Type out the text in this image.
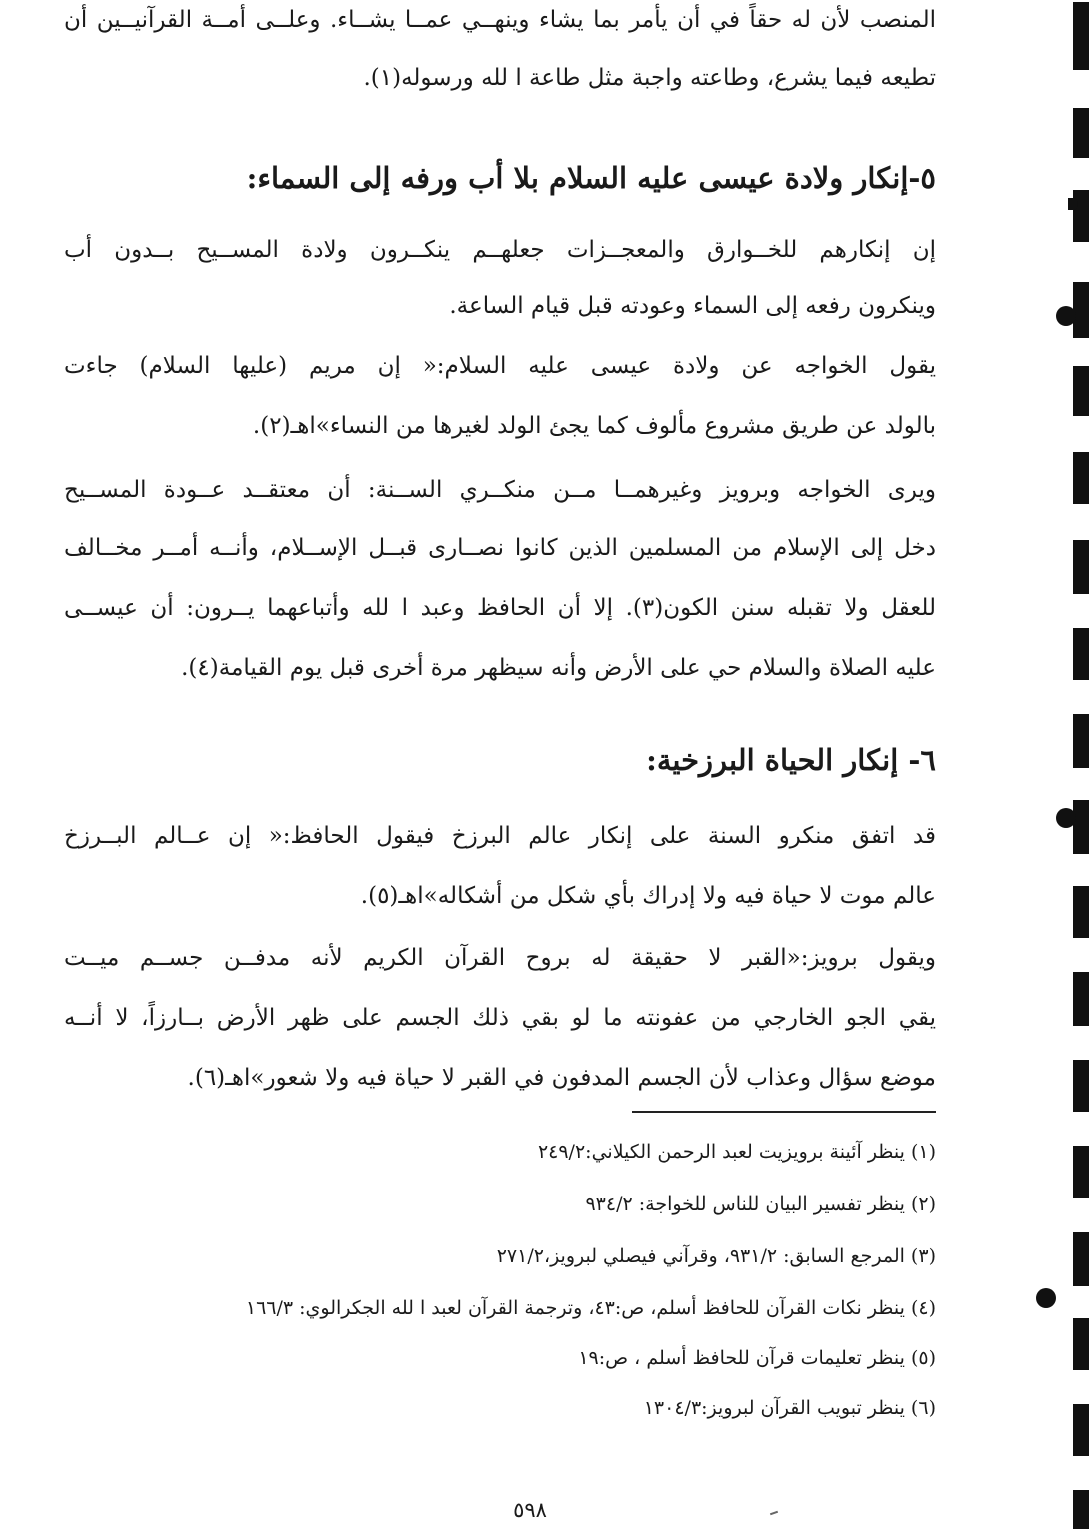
المنصب لأن له حقاً في أن يأمر بما يشاء وينهــي عمــا يشــاء. وعلــى أمــة القرآنيــين أن
تطيعه فيما يشرع، وطاعته واجبة مثل طاعة ا لله ورسوله(١).
٥-إنكار ولادة عيسى عليه السلام بلا أب ورفه إلى السماء:
إن إنكارهم للخــوارق والمعجــزات جعلهــم ينكــرون ولادة المســيح بــدون أب
وينكرون رفعه إلى السماء وعودته قبل قيام الساعة.
يقول الخواجه عن ولادة عيسى عليه السلام:« إن مريم (عليها السلام) جاءت
بالولد عن طريق مشروع مألوف كما يجئ الولد لغيرها من النساء»اهـ(٢).
ويرى الخواجه وبرويز وغيرهمــا مــن منكــري الســنة: أن معتقــد عــودة المســيح
دخل إلى الإسلام من المسلمين الذين كانوا نصــارى قبــل الإســلام، وأنــه أمــر مخــالف
للعقل ولا تقبله سنن الكون(٣). إلا أن الحافظ وعبد ا لله وأتباعهما يــرون: أن عيســى
عليه الصلاة والسلام حي على الأرض وأنه سيظهر مرة أخرى قبل يوم القيامة(٤).
٦- إنكار الحياة البرزخية:
قد اتفق منكرو السنة على إنكار عالم البرزخ فيقول الحافظ:« إن عــالم البــرزخ
عالم موت لا حياة فيه ولا إدراك بأي شكل من أشكاله»اهـ(٥).
ويقول برويز:«القبر لا حقيقة له بروح القرآن الكريم لأنه مدفــن جســم ميــت
يقي الجو الخارجي من عفونته ما لو بقي ذلك الجسم على ظهر الأرض بــارزاً، لا أنــه
موضع سؤال وعذاب لأن الجسم المدفون في القبر لا حياة فيه ولا شعور»اهـ(٦).
(١) ينظر آئينة برويزيت لعبد الرحمن الكيلاني:٢٤٩/٢
(٢) ينظر تفسير البيان للناس للخواجة: ٩٣٤/٢
(٣) المرجع السابق: ٩٣١/٢، وقرآني فيصلي لبرويز،٢٧١/٢
(٤) ينظر نكات القرآن للحافظ أسلم، ص:٤٣، وترجمة القرآن لعبد ا لله الجكرالوي: ١٦٦/٣
(٥) ينظر تعليمات قرآن للحافظ أسلم ، ص:١٩
(٦) ينظر تبويب القرآن لبرويز:١٣٠٤/٣
٥٩٨
